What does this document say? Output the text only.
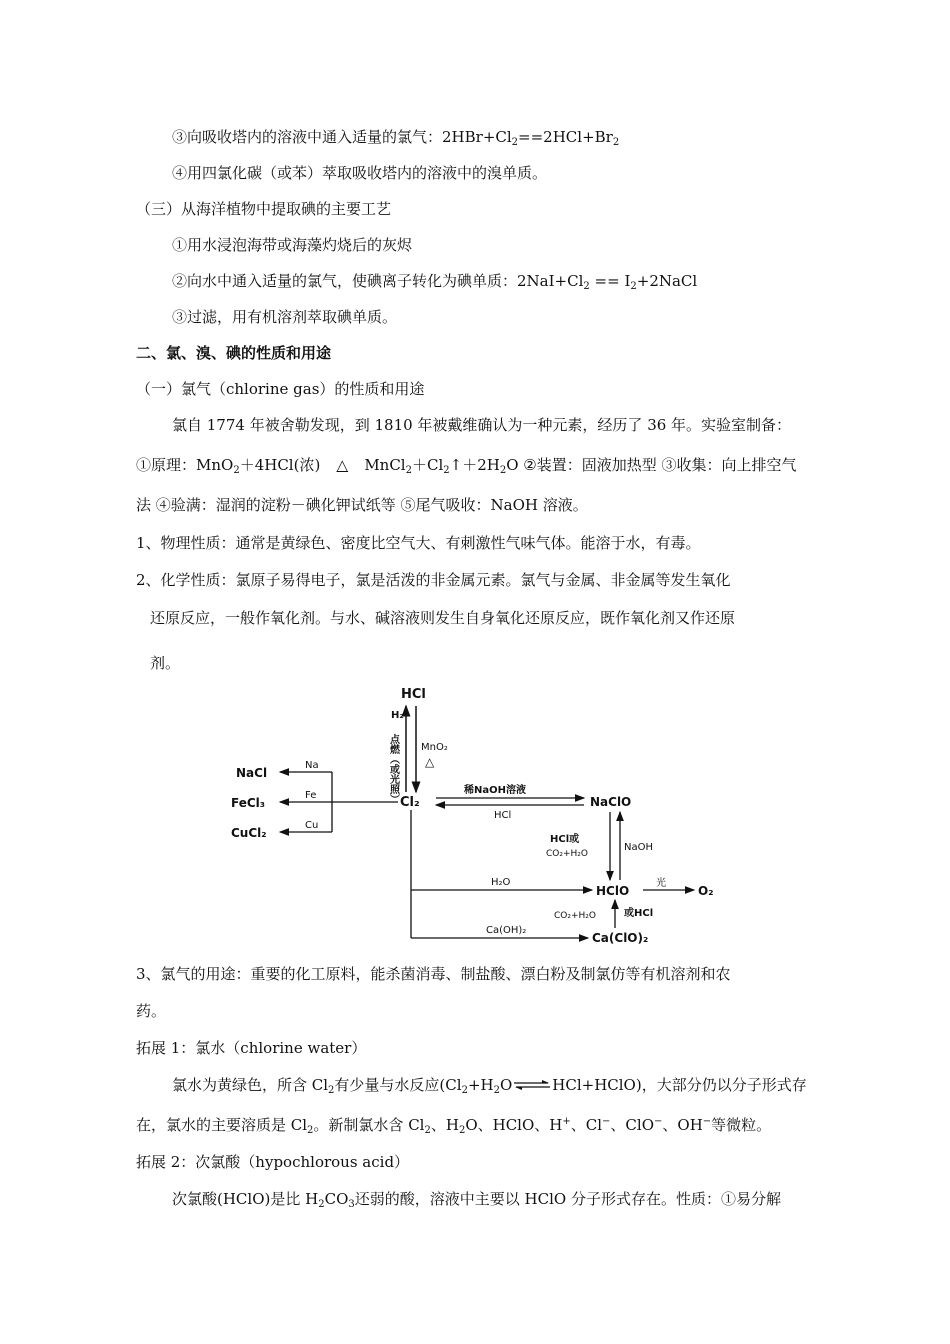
③向吸收塔内的溶液中通入适量的氯气：$2HBr+Cl_2==2HCl+Br_2$
④用四氯化碳（或苯）萃取吸收塔内的溶液中的溴单质。
（三）从海洋植物中提取碘的主要工艺
①用水浸泡海带或海藻灼烧后的灰烬
②向水中通入适量的氯气，使碘离子转化为碘单质：$2NaI+Cl_2$ == $I_2+2NaCl$
③过滤，用有机溶剂萃取碘单质。
二、氯、溴、碘的性质和用途
（一）氯气（chlorine gas）的性质和用途
氯自 1774 年被舍勒发现，到 1810 年被戴维确认为一种元素，经历了 36 年。实验室制备：
①原理：MnO$_2$＋4HCl(浓) △ $MnCl_2+Cl_2↑+2H_2O$ ②装置：固液加热型 ③收集：向上排空气
法 ④验满：湿润的淀粉－碘化钾试纸等 ⑤尾气吸收：NaOH 溶液。
1、物理性质：通常是黄绿色、密度比空气大、有刺激性气味气体。能溶于水，有毒。
2、化学性质：氯原子易得电子，氯是活泼的非金属元素。氯气与金属、非金属等发生氧化
还原反应，一般作氧化剂。与水、碱溶液则发生自身氧化还原反应，既作氧化剂又作还原
剂。
HCl
H₂
点燃（或光照） MnO₂
△
Cl₂
Na
Fe
Cu
NaCl
FeCl₃
CuCl₂
稀NaOH溶液
HCl
NaClO
HCl或
CO₂+H₂O
NaOH
H₂O
HClO
光
O₂
CO₂+H₂O	或HCl
Ca(OH)₂
Ca(ClO)₂
3、氯气的用途：重要的化工原料，能杀菌消毒、制盐酸、漂白粉及制氯仿等有机溶剂和农
药。
拓展 1：氯水（chlorine water）
氯水为黄绿色，所含 $Cl_2$有少量与水反应$(Cl_2+H_2O\rightleftharpoons HCl+HClO)$，大部分仍以分子形式存
在，氯水的主要溶质是 $Cl_2$。新制氯水含 $Cl_2$、$H_2O$、HClO、H+、Cl−、ClO−、OH−等微粒。
拓展 2：次氯酸（hypochlorous acid）
次氯酸(HClO)是比 $H_2CO_3$还弱的酸，溶液中主要以 HClO 分子形式存在。性质：①易分解
